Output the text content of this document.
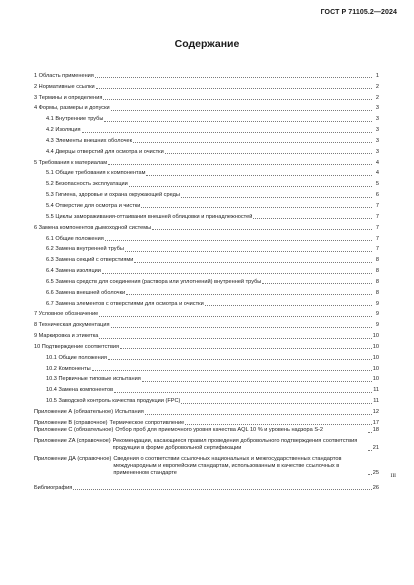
ГОСТ Р 71105.2—2024
Содержание
1 Область применения	1
2 Нормативные ссылки	2
3 Термины и определения	2
4 Формы, размеры и допуски	3
4.1 Внутренние трубы	3
4.2 Изоляция	3
4.3 Элементы внешних оболочек	3
4.4 Дверцы отверстий для осмотра и очистки	3
5 Требования к материалам	4
5.1 Общие требования к компонентам	4
5.2 Безопасность эксплуатации	5
5.3 Гигиена, здоровье и охрана окружающей среды	6
5.4 Отверстие для осмотра и чистки	7
5.5 Циклы замораживания-оттаивания внешней облицовки и принадлежностей	7
6 Замена компонентов дымоходной системы	7
6.1 Общие положения	7
6.2 Замена внутренней трубы	7
6.3 Замена секций с отверстиями	8
6.4 Замена изоляции	8
6.5 Замена средств для соединения (раствора или уплотнений) внутренней трубы	8
6.6 Замена внешней оболочки	8
6.7 Замена элементов с отверстиями для осмотра и очистки	9
7 Условное обозначение	9
8 Техническая документация	9
9 Маркировка и этикетка	10
10 Подтверждение соответствия	10
10.1 Общие положения	10
10.2 Компоненты	10
10.3 Первичные типовые испытания	10
10.4 Замена компонентов	11
10.5 Заводской контроль качества продукции (FPC)	11
Приложение А (обязательное) Испытания	12
Приложение В (справочное) Термическое сопротивление	17
Приложение С (обязательное) Отбор проб для приемочного уровня качества AQL 10 % и уровень надзора S-2	18
Приложение ZA (справочное) Рекомендации, касающиеся правил проведения добровольного подтверждения соответствия продукции в форме добровольной сертификации	21
Приложение ДА (справочное) Сведения о соответствии ссылочных национальных и межгосударственных стандартов международным и европейским стандартам, использованным в качестве ссылочных в примененном стандарте	25
Библиография	26
III
